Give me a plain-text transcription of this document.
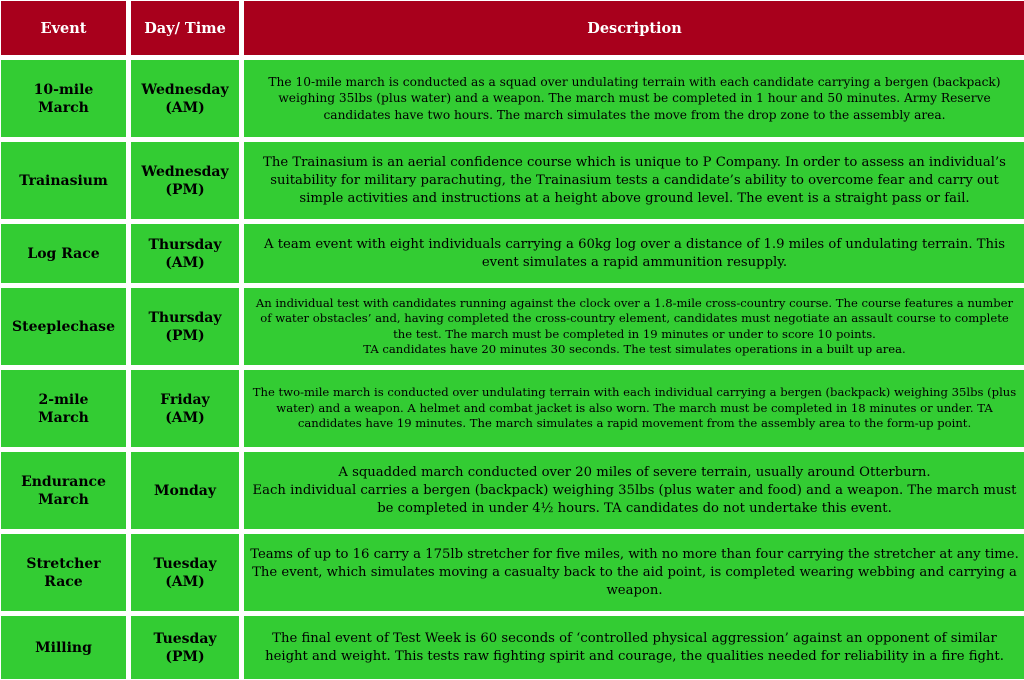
Event	Day/ Time	Description
10-mile
March
Wednesday
(AM)
The 10-mile march is conducted as a squad over undulating terrain with each candidate carrying a bergen (backpack) weighing 35lbs (plus water) and a weapon. The march must be completed in 1 hour and 50 minutes. Army Reserve candidates have two hours. The march simulates the move from the drop zone to the assembly area.
Trainasium
Wednesday
(PM)
The Trainasium is an aerial confidence course which is unique to P Company. In order to assess an individual’s suitability for military parachuting, the Trainasium tests a candidate’s ability to overcome fear and carry out simple activities and instructions at a height above ground level. The event is a straight pass or fail.
Log Race
Thursday
(AM)
A team event with eight individuals carrying a 60kg log over a distance of 1.9 miles of undulating terrain. This event simulates a rapid ammunition resupply.
Steeplechase
Thursday
(PM)
An individual test with candidates running against the clock over a 1.8-mile cross-country course. The course features a number of water obstacles’ and, having completed the cross-country element, candidates must negotiate an assault course to complete the test. The march must be completed in 19 minutes or under to score 10 points.
TA candidates have 20 minutes 30 seconds. The test simulates operations in a built up area.
2-mile
March
Friday
(AM)
The two-mile march is conducted over undulating terrain with each individual carrying a bergen (backpack) weighing 35lbs (plus water) and a weapon. A helmet and combat jacket is also worn. The march must be completed in 18 minutes or under. TA candidates have 19 minutes. The march simulates a rapid movement from the assembly area to the form-up point.
Endurance
March
Monday
A squadded march conducted over 20 miles of severe terrain, usually around Otterburn.
Each individual carries a bergen (backpack) weighing 35lbs (plus water and food) and a weapon. The march must be completed in under 4½ hours. TA candidates do not undertake this event.
Stretcher
Race
Tuesday
(AM)
Teams of up to 16 carry a 175lb stretcher for five miles, with no more than four carrying the stretcher at any time. The event, which simulates moving a casualty back to the aid point, is completed wearing webbing and carrying a weapon.
Milling
Tuesday
(PM)
The final event of Test Week is 60 seconds of ‘controlled physical aggression’ against an opponent of similar height and weight. This tests raw fighting spirit and courage, the qualities needed for reliability in a fire fight.
